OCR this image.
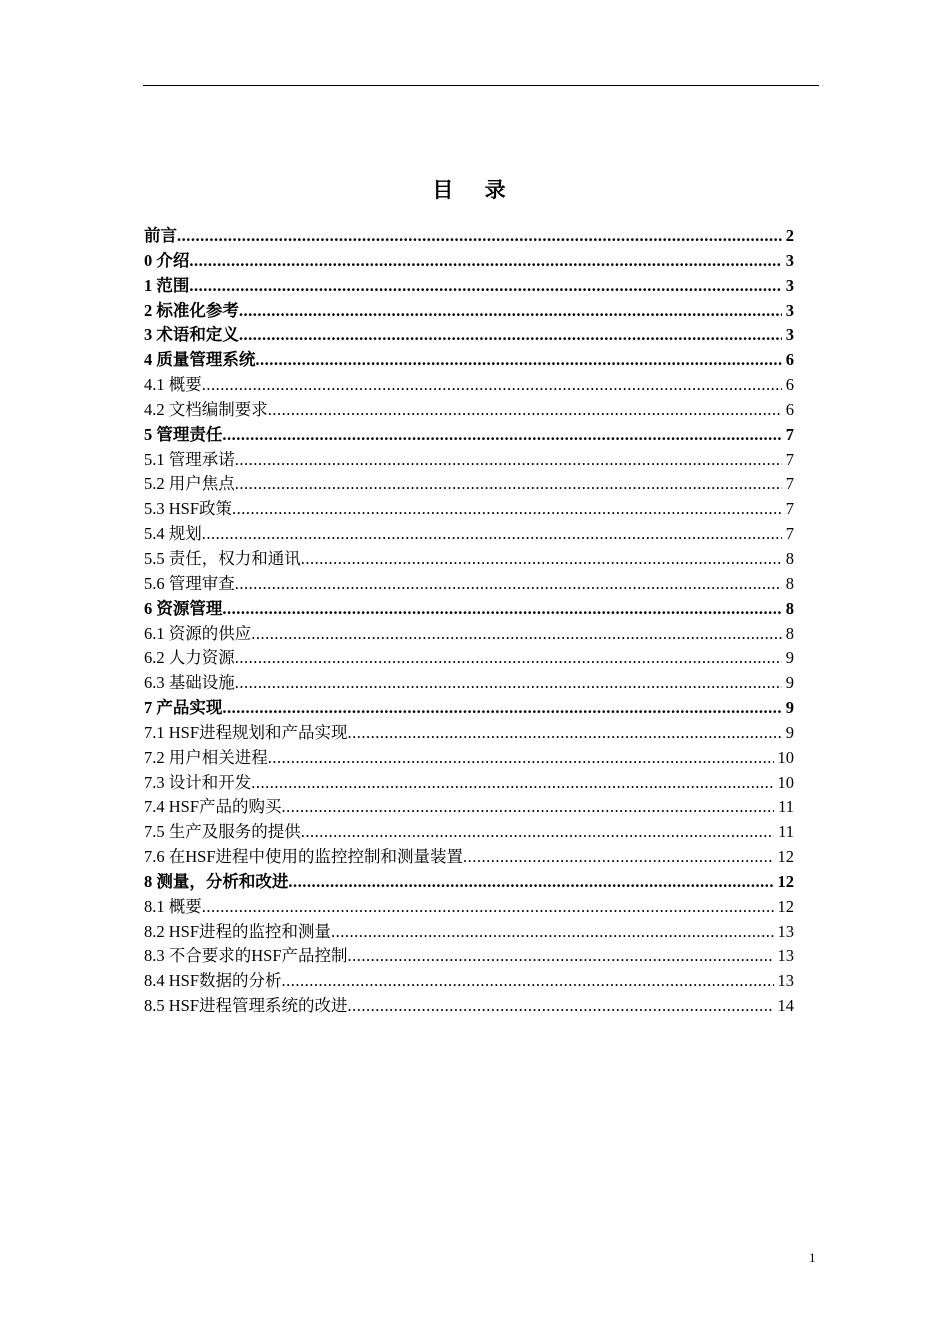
目 录
前言 .....	2
0 介绍 .....	3
1 范围 .....	3
2 标准化参考 .....	3
3 术语和定义 .....	3
4 质量管理系统 .....	6
4.1 概要 .....	6
4.2 文档编制要求 .....	6
5 管理责任 .....	7
5.1 管理承诺 .....	7
5.2 用户焦点 .....	7
5.3 HSF政策 .....	7
5.4 规划 .....	7
5.5 责任，权力和通讯 .....	8
5.6 管理审查 .....	8
6 资源管理 .....	8
6.1 资源的供应 .....	8
6.2 人力资源 .....	9
6.3 基础设施 .....	9
7 产品实现 .....	9
7.1 HSF进程规划和产品实现 .....	9
7.2 用户相关进程 .....	10
7.3 设计和开发 .....	10
7.4 HSF产品的购买 .....	11
7.5 生产及服务的提供 .....	11
7.6 在HSF进程中使用的监控控制和测量装置 .....	12
8 测量，分析和改进 .....	12
8.1 概要 .....	12
8.2 HSF进程的监控和测量 .....	13
8.3 不合要求的HSF产品控制 .....	13
8.4 HSF数据的分析 .....	13
8.5 HSF进程管理系统的改进 .....	14
1
